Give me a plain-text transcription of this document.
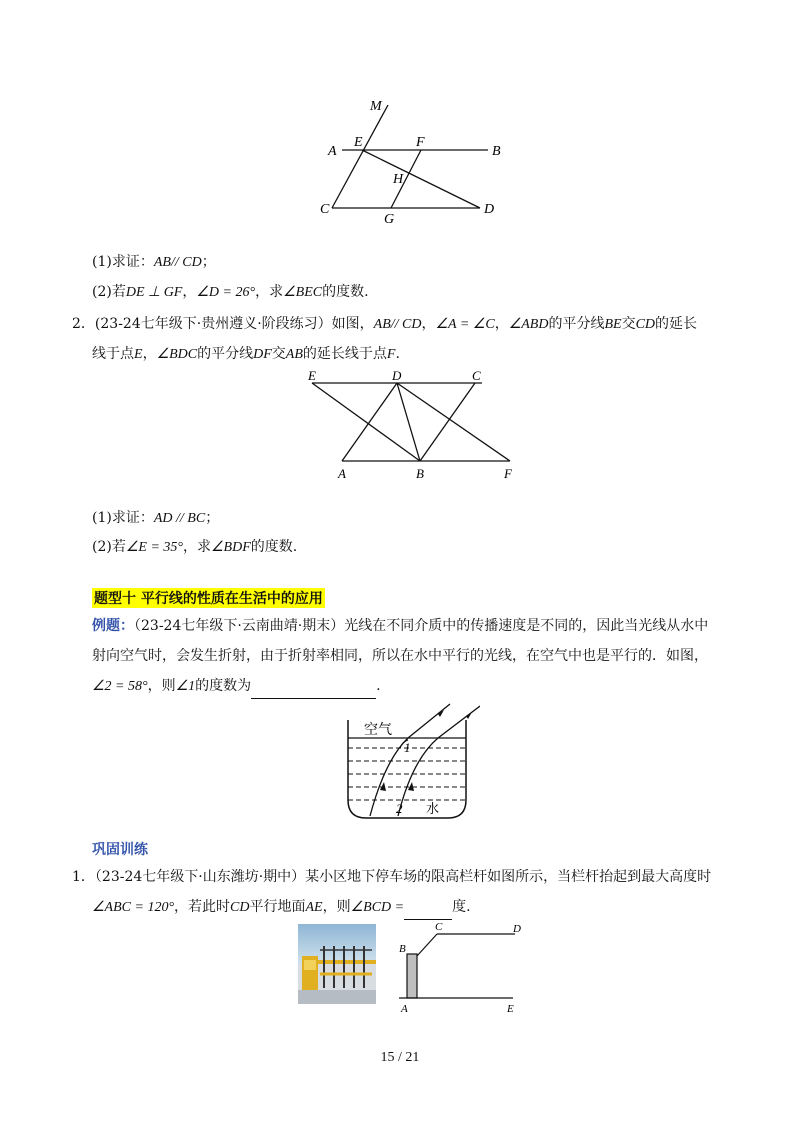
M
A
E	F
B
H
C
G
D
(1)求证：AB// CD；
(2)若DE ⊥ GF，∠D = 26°，求∠BEC的度数.
2．(23-24七年级下·贵州遵义·阶段练习）如图，AB// CD，∠A = ∠C，∠ABD的平分线BE交CD的延长
线于点E，∠BDC的平分线DF交AB的延长线于点F.
E	D	C
A	B	F
(1)求证：AD // BC；
(2)若∠E = 35°，求∠BDF的度数.
题型十 平行线的性质在生活中的应用
例题：（23-24七年级下·云南曲靖·期末）光线在不同介质中的传播速度是不同的，因此当光线从水中
射向空气时，会发生折射，由于折射率相同，所以在水中平行的光线，在空气中也是平行的．如图，
∠2 = 58°，则∠1的度数为	.
空气
1
2 水
巩固训练
1．（23-24七年级下·山东潍坊·期中）某小区地下停车场的限高栏杆如图所示，当栏杆抬起到最大高度时
∠ABC = 120°，若此时CD平行地面AE，则∠BCD =	度.
B
C	D
A	E
15 / 21
